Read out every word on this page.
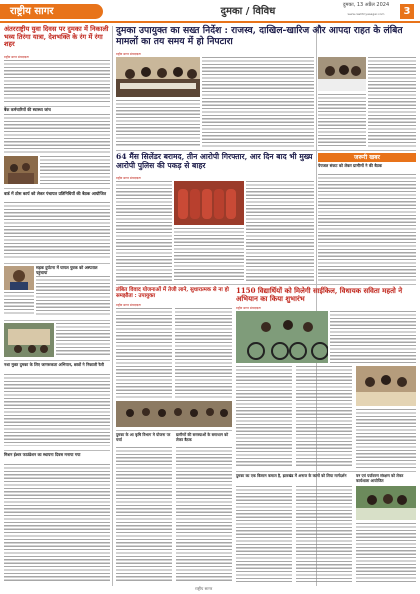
राष्ट्रीय सागर	दुमका / विविध
दुमका, 13 अप्रैल 2024
www.rashtriyasagar.com	3
अंतरराष्ट्रीय युवा दिवस पर दुमका में निकाली भव्य तिरंगा यात्रा, देशभक्ति के रंग में रंगा शहर
राष्ट्रीय सागर संवाददाता
बैंक कर्मचारियों की स्वास्थ्य जांच
वार्ड में ठोस कार्य को लेकर पंचायत प्रतिनिधियों की बैठक आयोजित
सड़क दुर्घटना में घायल युवक को अस्पताल पहुंचाया
नशा मुक्त दुमका के लिए जागरूकता अभियान, छात्रों ने निकाली रैली
मिशन ईश्वर फाउंडेशन का स्थापना दिवस मनाया गया
दुमका उपायुक्त का सख्त निर्देश : राजस्व, दाखिल-खारिज और आपदा राहत के लंबित मामलों का तय समय में हो निपटारा
राष्ट्रीय सागर संवाददाता
64 मैंस सिलेंडर बरामद, तीन आरोपी गिरफ्तार, आर दिन बाद भी मुख्य आरोपी पुलिस की पकड़ से बाहर
राष्ट्रीय सागर संवाददाता
जरूरी खबर
पेयजल संकट को लेकर ग्रामीणों ने की बैठक
लंबित विवाद योजनाओं में तेजी लाने, सुधारात्मक से ना हो समझौता : उपायुक्त
राष्ट्रीय सागर संवाददाता
1150 विद्यार्थियों को मिलेगी साईकिल, विधायक सविता महतो ने अभियान का किया शुभारंभ
राष्ट्रीय सागर संवाददाता
दुमका के आ कृषि विभाग मे योजना पर चर्चा
ग्रामीणों की समस्याओं के समाधान को लेकर बैठक
दुमका का एक किसान कमाल है, झारखंड में अनाज के कामों को लिया मार्गदर्शन	वन एवं पर्यावरण संरक्षण को लेकर कार्यशाला आयोजित
राष्ट्रीय सागर
